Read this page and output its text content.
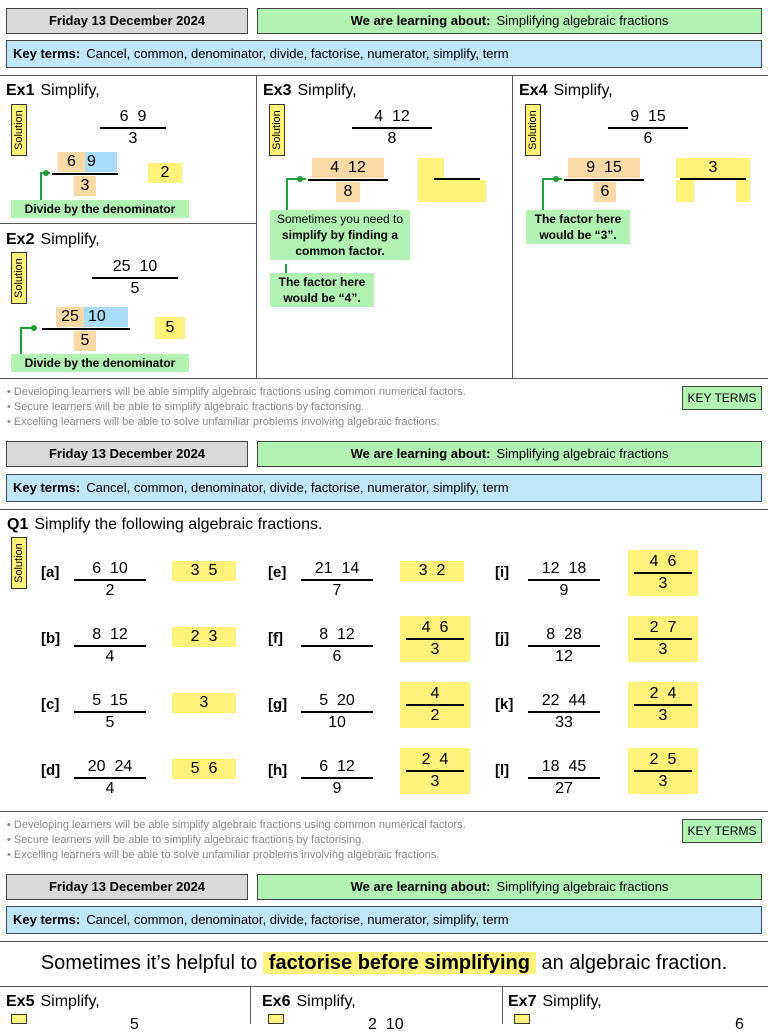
Friday 13 December 2024	We are learning about: Simplifying algebraic fractions
Key terms: Cancel, common, denominator, divide, factorise, numerator, simplify, term
Ex1 Simplify,
6  9
3
Solution
6 9
3
2
Divide by the denominator
Ex2 Simplify,
25  10
5
Solution
25 10
5
5
Divide by the denominator
Ex3 Simplify,
4  12
8
Solution
4  12
8
Sometimes you need to simplify by finding a common factor.
The factor here would be “4”.
Ex4 Simplify,
9  15
6
Solution
9  15
6
3
The factor here would be “3”.
• Developing learners will be able simplify algebraic fractions using common numerical factors.
• Secure learners will be able to simplify algebraic fractions by factorising.
• Excelling learners will be able to solve unfamiliar problems involving algebraic fractions.
KEY TERMS
Friday 13 December 2024	We are learning about: Simplifying algebraic fractions
Key terms: Cancel, common, denominator, divide, factorise, numerator, simplify, term
Q1 Simplify the following algebraic fractions.
Solution [a]	6  10
2
3  5
[b]	8  12
4
2  3
[c]	5  15
5
3
[d]	20  24
4
5  6
[e]	21  14
7
3  2
[f]	8  12
6
4  6
3
[g]	5  20
10
4
2
[h]	6  12
9
2  4
3
[i]	12  18
9
4  6
3
[j]	8  28
12
2  7
3
[k]	22  44
33
2  4
3
[l]	18  45
27
2  5
3
• Developing learners will be able simplify algebraic fractions using common numerical factors.
• Secure learners will be able to simplify algebraic fractions by factorising.
• Excelling learners will be able to solve unfamiliar problems involving algebraic fractions.
KEY TERMS
Friday 13 December 2024	We are learning about: Simplifying algebraic fractions
Key terms: Cancel, common, denominator, divide, factorise, numerator, simplify, term
Sometimes it’s helpful to factorise before simplifying an algebraic fraction.
Ex5 Simplify,	Ex6 Simplify,	Ex7 Simplify,
5	2  10	6
